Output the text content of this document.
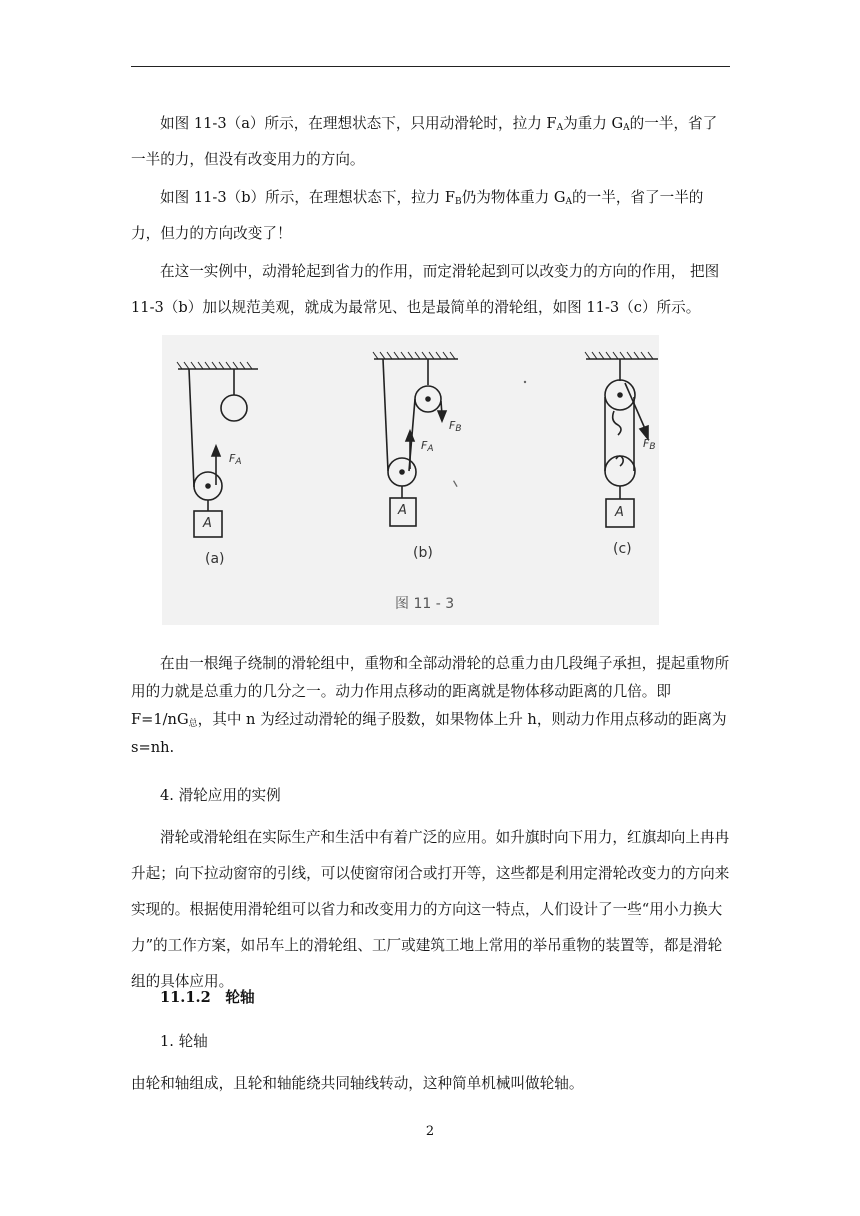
如图 11-3（a）所示，在理想状态下，只用动滑轮时，拉力 $F_A$为重力 $G_A$的一半，省了一半的力，但没有改变用力的方向。

如图 11-3（b）所示，在理想状态下，拉力 $F_B$仍为物体重力 $G_A$的一半，省了一半的力，但力的方向改变了！

在这一实例中，动滑轮起到省力的作用，而定滑轮起到可以改变力的方向的作用， 把图 11-3（b）加以规范美观，就成为最常见、也是最简单的滑轮组，如图 11-3（c）所示。

$F_A$
$F_B$
$F_A$	$F_B$
A
A	A
(a)	(b)	(c)
图 11 - 3

在由一根绳子绕制的滑轮组中，重物和全部动滑轮的总重力由几段绳子承担，提起重物所用的力就是总重力的几分之一。动力作用点移动的距离就是物体移动距离的几倍。即 $F=1/nG_总$，其中 n 为经过动滑轮的绳子股数，如果物体上升 h，则动力作用点移动的距离为 s=nh.

4. 滑轮应用的实例

滑轮或滑轮组在实际生产和生活中有着广泛的应用。如升旗时向下用力，红旗却向上冉冉升起；向下拉动窗帘的引线，可以使窗帘闭合或打开等，这些都是利用定滑轮改变力的方向来实现的。根据使用滑轮组可以省力和改变用力的方向这一特点，人们设计了一些“用小力换大力”的工作方案，如吊车上的滑轮组、工厂或建筑工地上常用的举吊重物的装置等，都是滑轮组的具体应用。

11.1.2　轮轴

1. 轮轴

由轮和轴组成，且轮和轴能绕共同轴线转动，这种简单机械叫做轮轴。

2
